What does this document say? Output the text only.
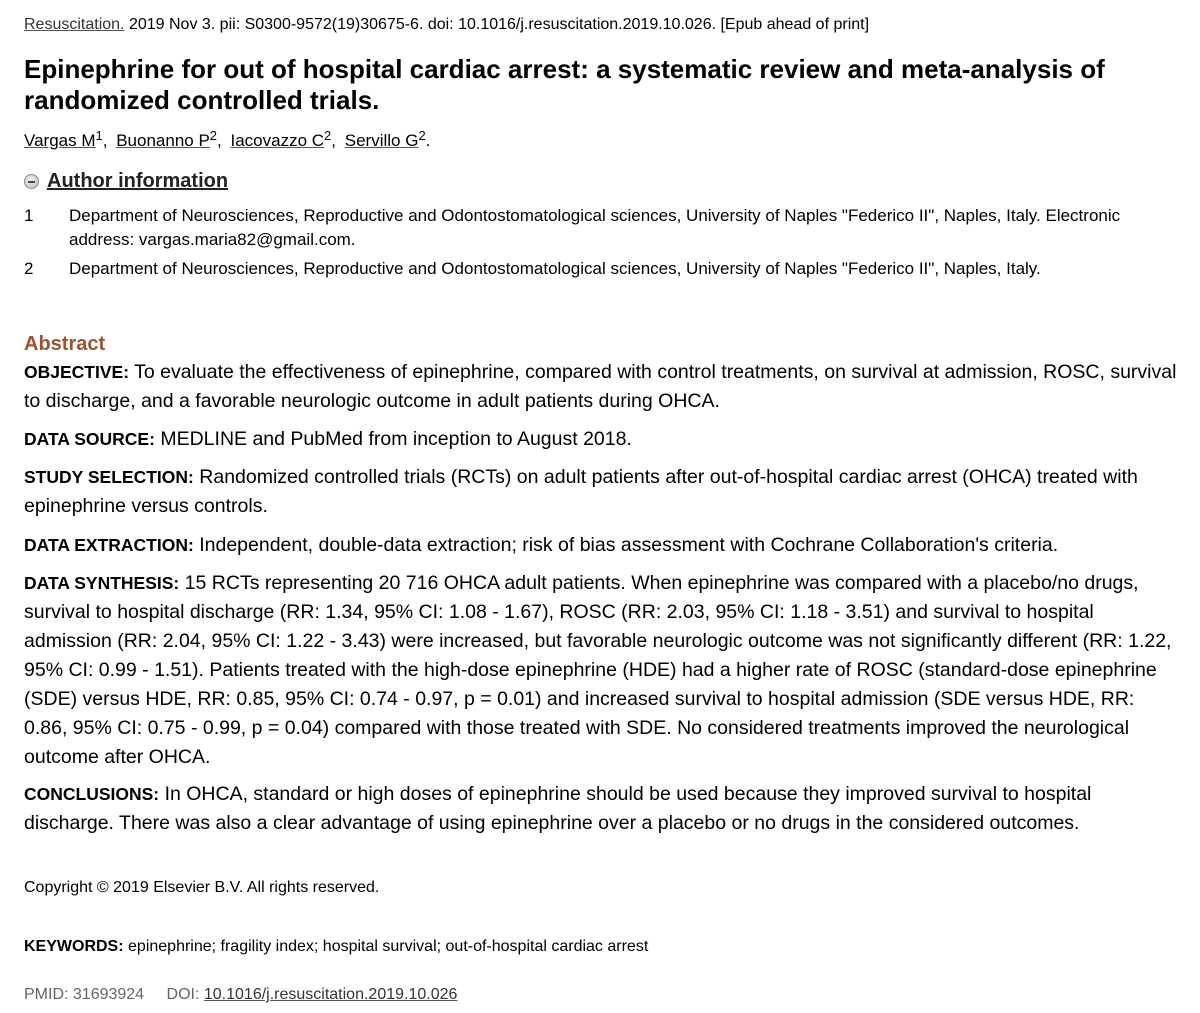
Resuscitation. 2019 Nov 3. pii: S0300-9572(19)30675-6. doi: 10.1016/j.resuscitation.2019.10.026. [Epub ahead of print]
Epinephrine for out of hospital cardiac arrest: a systematic review and meta-analysis of randomized controlled trials.
Vargas $M^1$, Buonanno $P^2$, Iacovazzo $C^2$, Servillo $G^2$.
Author information
1 Department of Neurosciences, Reproductive and Odontostomatological sciences, University of Naples "Federico II", Naples, Italy. Electronic address: vargas.maria82@gmail.com.
2 Department of Neurosciences, Reproductive and Odontostomatological sciences, University of Naples "Federico II", Naples, Italy.
Abstract

OBJECTIVE: To evaluate the effectiveness of epinephrine, compared with control treatments, on survival at admission, ROSC, survival to discharge, and a favorable neurologic outcome in adult patients during OHCA.

DATA SOURCE: MEDLINE and PubMed from inception to August 2018.

STUDY SELECTION: Randomized controlled trials (RCTs) on adult patients after out-of-hospital cardiac arrest (OHCA) treated with epinephrine versus controls.

DATA EXTRACTION: Independent, double-data extraction; risk of bias assessment with Cochrane Collaboration's criteria.

DATA SYNTHESIS: 15 RCTs representing 20 716 OHCA adult patients. When epinephrine was compared with a placebo/no drugs, survival to hospital discharge (RR: 1.34, 95% CI: 1.08 - 1.67), ROSC (RR: 2.03, 95% CI: 1.18 - 3.51) and survival to hospital admission (RR: 2.04, 95% CI: 1.22 - 3.43) were increased, but favorable neurologic outcome was not significantly different (RR: 1.22, 95% CI: 0.99 - 1.51). Patients treated with the high-dose epinephrine (HDE) had a higher rate of ROSC (standard-dose epinephrine (SDE) versus HDE, RR: 0.85, 95% CI: 0.74 - 0.97, p = 0.01) and increased survival to hospital admission (SDE versus HDE, RR: 0.86, 95% CI: 0.75 - 0.99, p = 0.04) compared with those treated with SDE. No considered treatments improved the neurological outcome after OHCA.

CONCLUSIONS: In OHCA, standard or high doses of epinephrine should be used because they improved survival to hospital discharge. There was also a clear advantage of using epinephrine over a placebo or no drugs in the considered outcomes.

Copyright © 2019 Elsevier B.V. All rights reserved.
KEYWORDS: epinephrine; fragility index; hospital survival; out-of-hospital cardiac arrest
PMID: 31693924 DOI: 10.1016/j.resuscitation.2019.10.026
